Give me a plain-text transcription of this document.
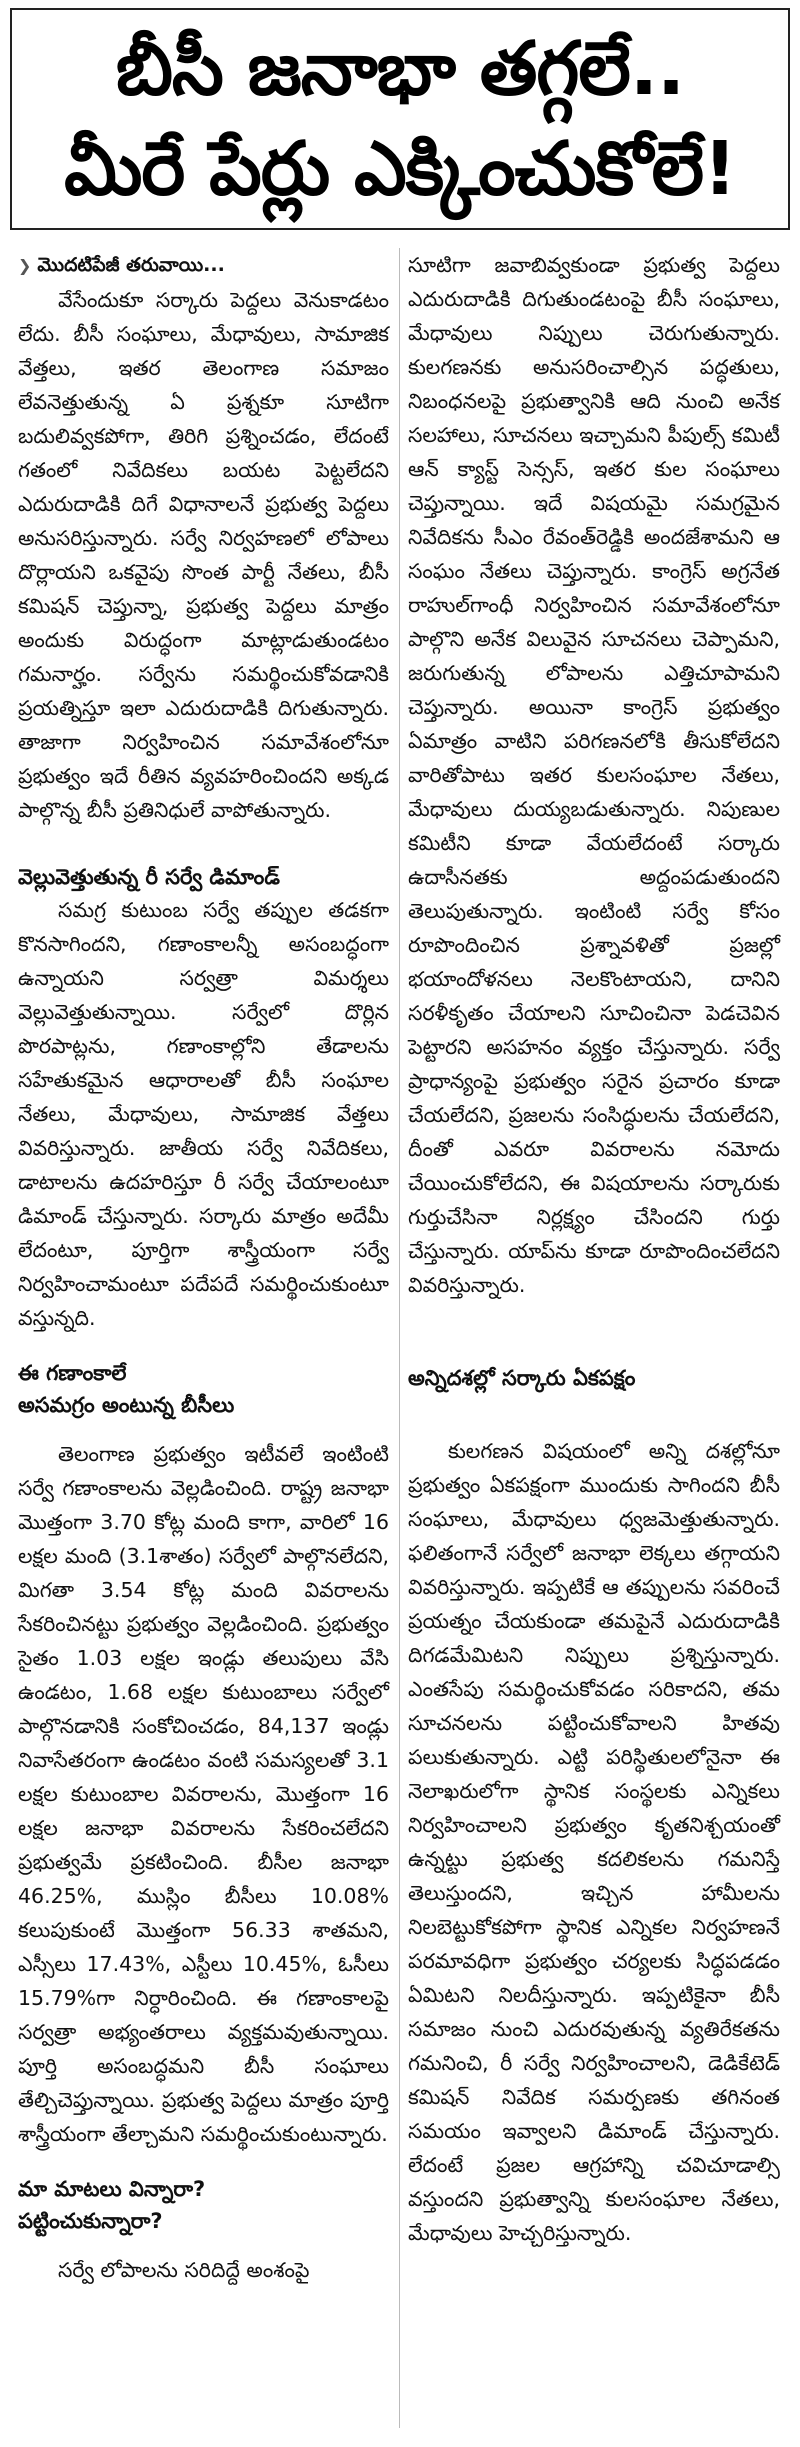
బీసీ జనాభా తగ్గలే..
మీరే పేర్లు ఎక్కించుకోలే!

❯ మొదటిపేజీ తరువాయి...

వేసేందుకూ సర్కారు పెద్దలు వెనుకాడటం లేదు. బీసీ సంఘాలు, మేధావులు, సామాజిక వేత్తలు, ఇతర తెలంగాణ సమాజం లేవనెత్తుతున్న ఏ ప్రశ్నకూ సూటిగా బదులివ్వకపోగా, తిరిగి ప్రశ్నించడం, లేదంటే గతంలో నివేదికలు బయట పెట్టలేదని ఎదురుదాడికి దిగే విధానాలనే ప్రభుత్వ పెద్దలు అనుసరిస్తున్నారు. సర్వే నిర్వహణలో లోపాలు దొర్లాయని ఒకవైపు సొంత పార్టీ నేతలు, బీసీ కమిషన్ చెప్తున్నా, ప్రభుత్వ పెద్దలు మాత్రం అందుకు విరుద్ధంగా మాట్లాడుతుండటం గమనార్హం. సర్వేను సమర్థించుకోవడానికి ప్రయత్నిస్తూ ఇలా ఎదురుదాడికి దిగుతున్నారు. తాజాగా నిర్వహించిన సమావేశంలోనూ ప్రభుత్వం ఇదే రీతిన వ్యవహరించిందని అక్కడ పాల్గొన్న బీసీ ప్రతినిధులే వాపోతున్నారు.

వెల్లువెత్తుతున్న రీ సర్వే డిమాండ్

సమగ్ర కుటుంబ సర్వే తప్పుల తడకగా కొనసాగిందని, గణాంకాలన్నీ అసంబద్ధంగా ఉన్నాయని సర్వత్రా విమర్శలు వెల్లువెత్తుతున్నాయి. సర్వేలో దొర్లిన పొరపాట్లను, గణాంకాల్లోని తేడాలను సహేతుకమైన ఆధారాలతో బీసీ సంఘాల నేతలు, మేధావులు, సామాజిక వేత్తలు వివరిస్తున్నారు. జాతీయ సర్వే నివేదికలు, డాటాలను ఉదహరిస్తూ రీ సర్వే చేయాలంటూ డిమాండ్ చేస్తున్నారు. సర్కారు మాత్రం అదేమీ లేదంటూ, పూర్తిగా శాస్త్రీయంగా సర్వే నిర్వహించామంటూ పదేపదే సమర్థించుకుంటూ వస్తున్నది.

ఈ గణాంకాలే
అసమగ్రం అంటున్న బీసీలు

తెలంగాణ ప్రభుత్వం ఇటీవలే ఇంటింటి సర్వే గణాంకాలను వెల్లడించింది. రాష్ట్ర జనాభా మొత్తంగా 3.70 కోట్ల మంది కాగా, వారిలో 16 లక్షల మంది (3.1శాతం) సర్వేలో పాల్గొనలేదని, మిగతా 3.54 కోట్ల మంది వివరాలను సేకరించినట్టు ప్రభుత్వం వెల్లడించింది. ప్రభుత్వం సైతం 1.03 లక్షల ఇండ్లు తలుపులు వేసి ఉండటం, 1.68 లక్షల కుటుంబాలు సర్వేలో పాల్గొనడానికి సంకోచించడం, 84,137 ఇండ్లు నివాసేతరంగా ఉండటం వంటి సమస్యలతో 3.1 లక్షల కుటుంబాల వివరాలను, మొత్తంగా 16 లక్షల జనాభా వివరాలను సేకరించలేదని ప్రభుత్వమే ప్రకటించింది. బీసీల జనాభా 46.25%, ముస్లిం బీసీలు 10.08% కలుపుకుంటే మొత్తంగా 56.33 శాతమని, ఎస్సీలు 17.43%, ఎస్టీలు 10.45%, ఓసీలు 15.79%గా నిర్ధారించింది. ఈ గణాంకాలపై సర్వత్రా అభ్యంతరాలు వ్యక్తమవుతున్నాయి. పూర్తి అసంబద్ధమని బీసీ సంఘాలు తేల్చిచెప్తున్నాయి. ప్రభుత్వ పెద్దలు మాత్రం పూర్తి శాస్త్రీయంగా తేల్చామని సమర్థించుకుంటున్నారు.

మా మాటలు విన్నారా?
పట్టించుకున్నారా?

సర్వే లోపాలను సరిదిద్దే అంశంపై

సూటిగా జవాబివ్వకుండా ప్రభుత్వ పెద్దలు ఎదురుదాడికి దిగుతుండటంపై బీసీ సంఘాలు, మేధావులు నిప్పులు చెరుగుతున్నారు. కులగణనకు అనుసరించాల్సిన పద్ధతులు, నిబంధనలపై ప్రభుత్వానికి ఆది నుంచి అనేక సలహాలు, సూచనలు ఇచ్చామని పీపుల్స్ కమిటీ ఆన్ క్యాస్ట్ సెన్సస్, ఇతర కుల సంఘాలు చెప్తున్నాయి. ఇదే విషయమై సమగ్రమైన నివేదికను సీఎం రేవంత్‌రెడ్డికి అందజేశామని ఆ సంఘం నేతలు చెప్తున్నారు. కాంగ్రెస్ అగ్రనేత రాహుల్‌గాంధీ నిర్వహించిన సమావేశంలోనూ పాల్గొని అనేక విలువైన సూచనలు చెప్పామని, జరుగుతున్న లోపాలను ఎత్తిచూపామని చెప్తున్నారు. అయినా కాంగ్రెస్ ప్రభుత్వం ఏమాత్రం వాటిని పరిగణనలోకి తీసుకోలేదని వారితోపాటు ఇతర కులసంఘాల నేతలు, మేధావులు దుయ్యబడుతున్నారు. నిపుణుల కమిటీని కూడా వేయలేదంటే సర్కారు ఉదాసీనతకు అద్దంపడుతుందని తెలుపుతున్నారు. ఇంటింటి సర్వే కోసం రూపొందించిన ప్రశ్నావళితో ప్రజల్లో భయాందోళనలు నెలకొంటాయని, దానిని సరళీకృతం చేయాలని సూచించినా పెడచెవిన పెట్టారని అసహనం వ్యక్తం చేస్తున్నారు. సర్వే ప్రాధాన్యంపై ప్రభుత్వం సరైన ప్రచారం కూడా చేయలేదని, ప్రజలను సంసిద్ధులను చేయలేదని, దీంతో ఎవరూ వివరాలను నమోదు చేయించుకోలేదని, ఈ విషయాలను సర్కారుకు గుర్తుచేసినా నిర్లక్ష్యం చేసిందని గుర్తు చేస్తున్నారు. యాప్‌ను కూడా రూపొందించలేదని వివరిస్తున్నారు.

అన్నిదశల్లో సర్కారు ఏకపక్షం

కులగణన విషయంలో అన్ని దశల్లోనూ ప్రభుత్వం ఏకపక్షంగా ముందుకు సాగిందని బీసీ సంఘాలు, మేధావులు ధ్వజమెత్తుతున్నారు. ఫలితంగానే సర్వేలో జనాభా లెక్కలు తగ్గాయని వివరిస్తున్నారు. ఇప్పటికే ఆ తప్పులను సవరించే ప్రయత్నం చేయకుండా తమపైనే ఎదురుదాడికి దిగడమేమిటని నిప్పులు ప్రశ్నిస్తున్నారు. ఎంతసేపు సమర్థించుకోవడం సరికాదని, తమ సూచనలను పట్టించుకోవాలని హితవు పలుకుతున్నారు. ఎట్టి పరిస్థితులలోనైనా ఈ నెలాఖరులోగా స్థానిక సంస్థలకు ఎన్నికలు నిర్వహించాలని ప్రభుత్వం కృతనిశ్చయంతో ఉన్నట్టు ప్రభుత్వ కదలికలను గమనిస్తే తెలుస్తుందని, ఇచ్చిన హామీలను నిలబెట్టుకోకపోగా స్థానిక ఎన్నికల నిర్వహణనే పరమావధిగా ప్రభుత్వం చర్యలకు సిద్ధపడడం ఏమిటని నిలదీస్తున్నారు. ఇప్పటికైనా బీసీ సమాజం నుంచి ఎదురవుతున్న వ్యతిరేకతను గమనించి, రీ సర్వే నిర్వహించాలని, డెడికేటెడ్ కమిషన్ నివేదిక సమర్పణకు తగినంత సమయం ఇవ్వాలని డిమాండ్ చేస్తున్నారు. లేదంటే ప్రజల ఆగ్రహాన్ని చవిచూడాల్సి వస్తుందని ప్రభుత్వాన్ని కులసంఘాల నేతలు, మేధావులు హెచ్చరిస్తున్నారు.
